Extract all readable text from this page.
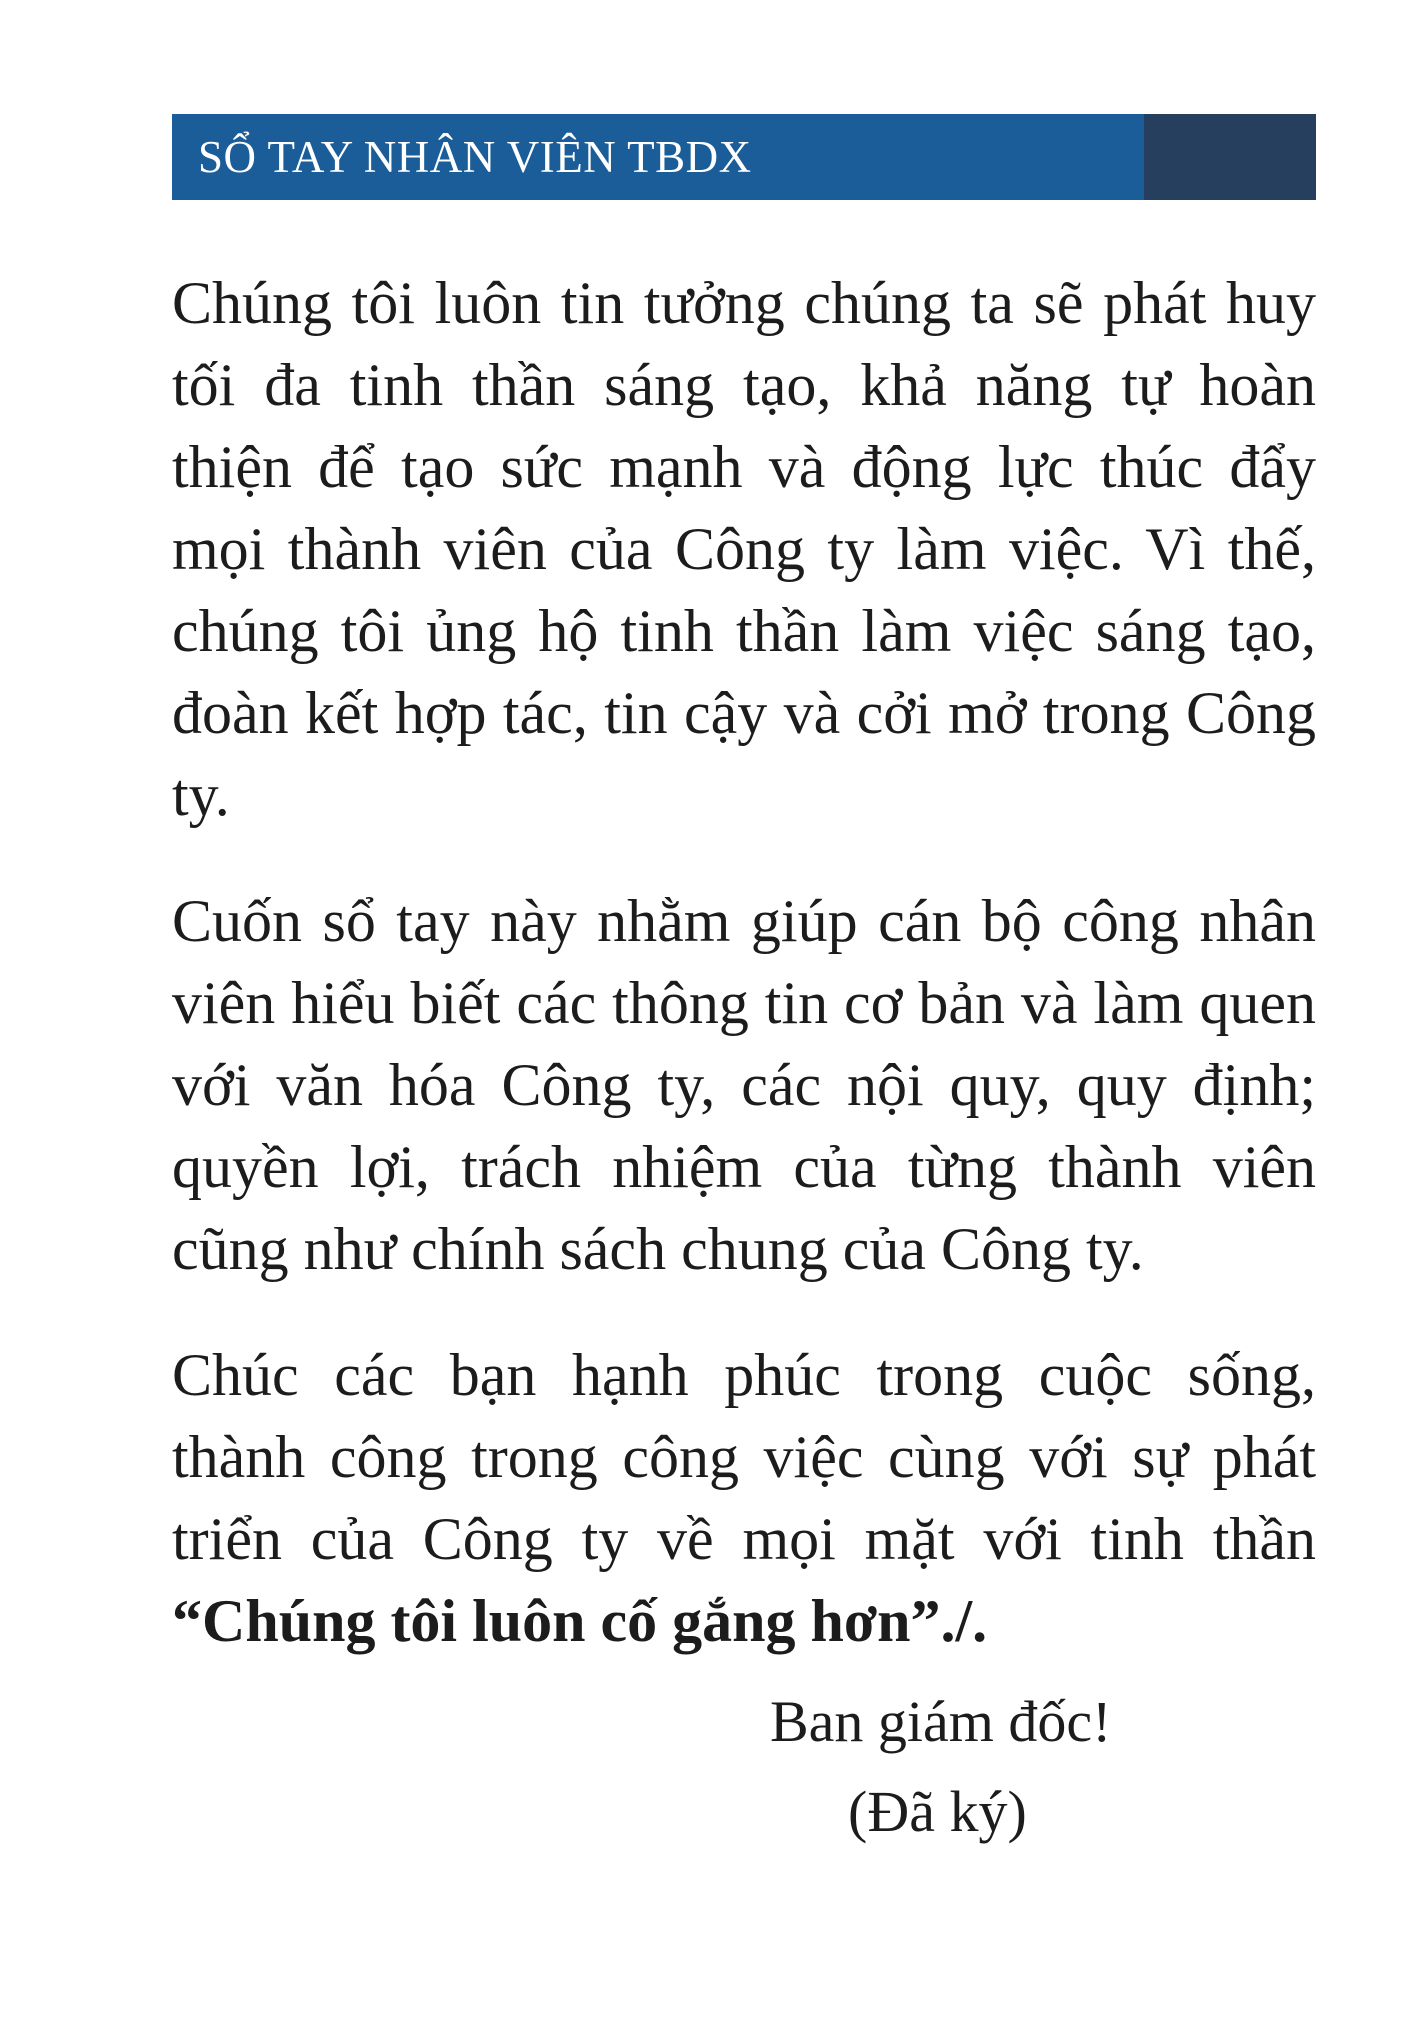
SỔ TAY NHÂN VIÊN TBDX

Chúng tôi luôn tin tưởng chúng ta sẽ phát huy tối đa tinh thần sáng tạo, khả năng tự hoàn thiện để tạo sức mạnh và động lực thúc đẩy mọi thành viên của Công ty làm việc. Vì thế, chúng tôi ủng hộ tinh thần làm việc sáng tạo, đoàn kết hợp tác, tin cậy và cởi mở trong Công ty.

Cuốn sổ tay này nhằm giúp cán bộ công nhân viên hiểu biết các thông tin cơ bản và làm quen với văn hóa Công ty, các nội quy, quy định; quyền lợi, trách nhiệm của từng thành viên cũng như chính sách chung của Công ty.

Chúc các bạn hạnh phúc trong cuộc sống, thành công trong công việc cùng với sự phát triển của Công ty về mọi mặt với tinh thần “Chúng tôi luôn cố gắng hơn”./.

Ban giám đốc!
(Đã ký)
